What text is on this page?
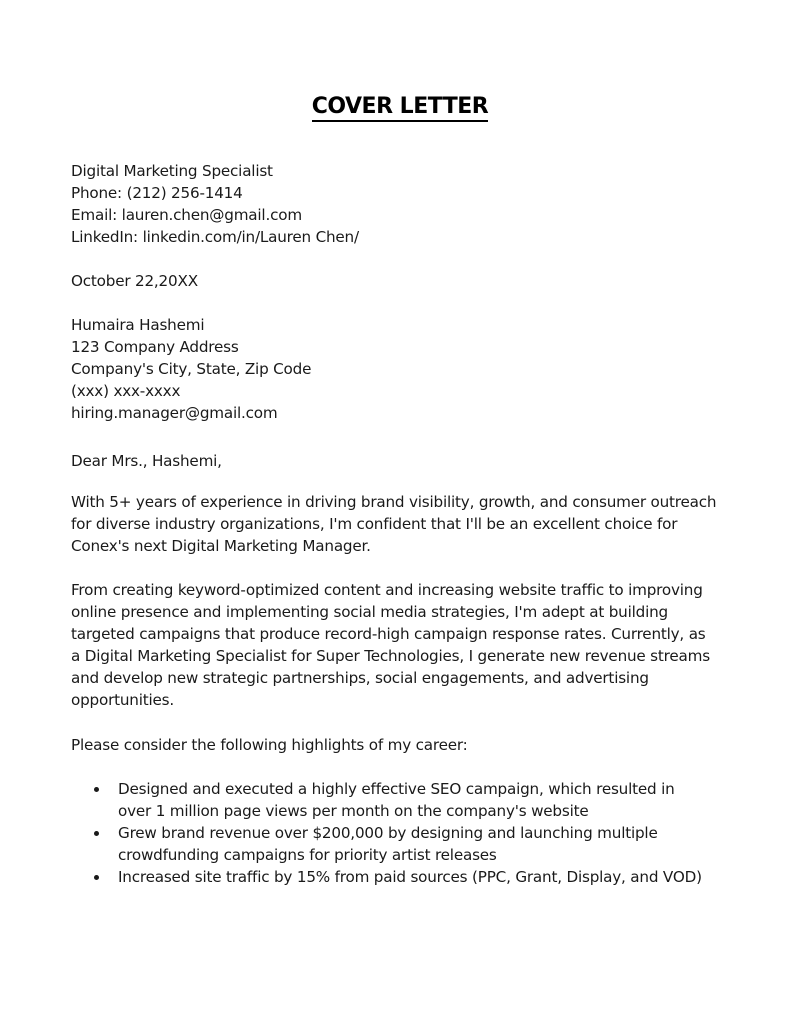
COVER LETTER
Digital Marketing Specialist
Phone: (212) 256-1414
Email: lauren.chen@gmail.com
LinkedIn: linkedin.com/in/Lauren Chen/
October 22,20XX
Humaira Hashemi
123 Company Address
Company's City, State, Zip Code
(xxx) xxx-xxxx
hiring.manager@gmail.com
Dear Mrs., Hashemi,
With 5+ years of experience in driving brand visibility, growth, and consumer outreach
for diverse industry organizations, I'm confident that I'll be an excellent choice for
Conex's next Digital Marketing Manager.
From creating keyword-optimized content and increasing website traffic to improving
online presence and implementing social media strategies, I'm adept at building
targeted campaigns that produce record-high campaign response rates. Currently, as
a Digital Marketing Specialist for Super Technologies, I generate new revenue streams
and develop new strategic partnerships, social engagements, and advertising
opportunities.
Please consider the following highlights of my career:
Designed and executed a highly effective SEO campaign, which resulted in
over 1 million page views per month on the company's website
Grew brand revenue over $200,000 by designing and launching multiple
crowdfunding campaigns for priority artist releases
Increased site traffic by 15% from paid sources (PPC, Grant, Display, and VOD)
